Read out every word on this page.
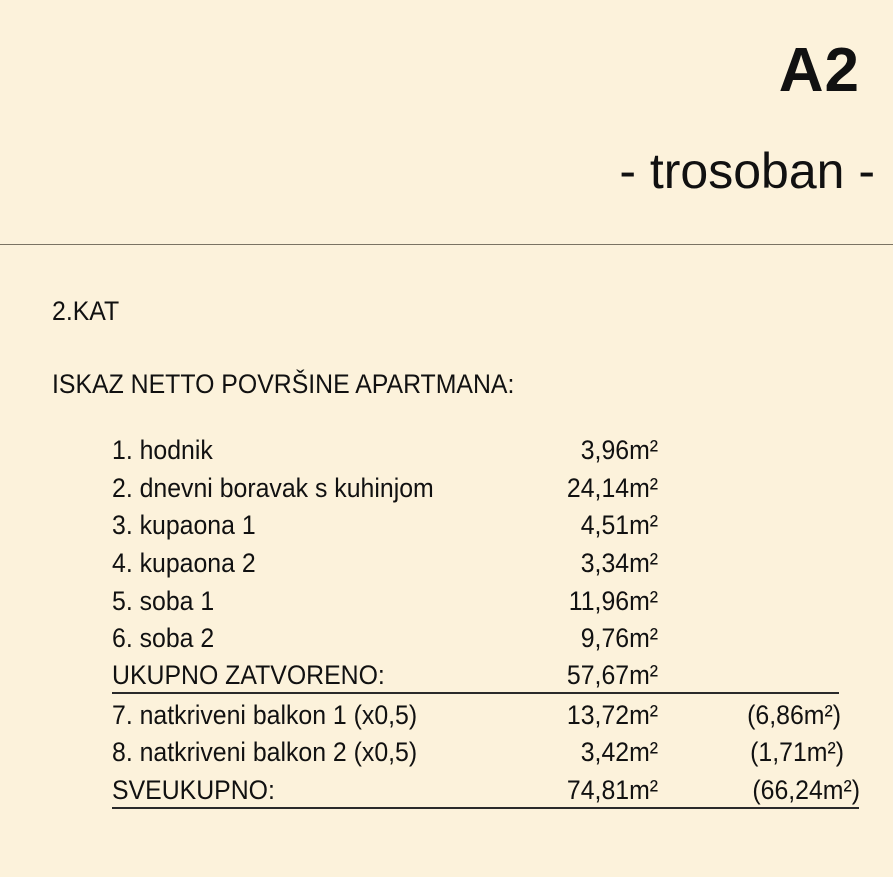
A2
- trosoban -
2.KAT
ISKAZ NETTO POVRŠINE APARTMANA:
1. hodnik	3,96m²
2. dnevni boravak s kuhinjom	24,14m²
3. kupaona 1	4,51m²
4. kupaona 2	3,34m²
5. soba 1	11,96m²
6. soba 2	9,76m²
UKUPNO ZATVORENO:	57,67m²
7. natkriveni balkon 1 (x0,5)	13,72m²	(6,86m²)
8. natkriveni balkon 2 (x0,5)	3,42m²	(1,71m²)
SVEUKUPNO:	74,81m²	(66,24m²)
